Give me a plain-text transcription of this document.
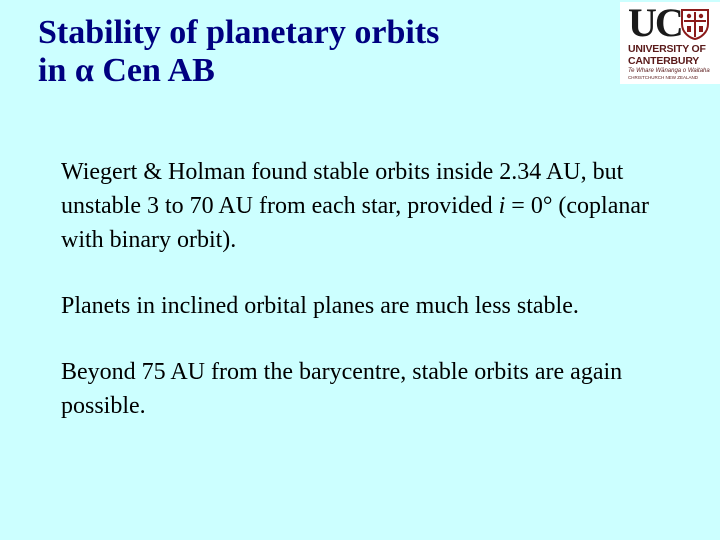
Stability of planetary orbits
in α Cen AB
UC
UNIVERSITY OF
CANTERBURY
Te Whare Wānanga o Waitaha
CHRISTCHURCH NEW ZEALAND

Wiegert & Holman found stable orbits inside 2.34 AU, but unstable 3 to 70 AU from each star, provided i = 0° (coplanar with binary orbit).

Planets in inclined orbital planes are much less stable.

Beyond 75 AU from the barycentre, stable orbits are again possible.
